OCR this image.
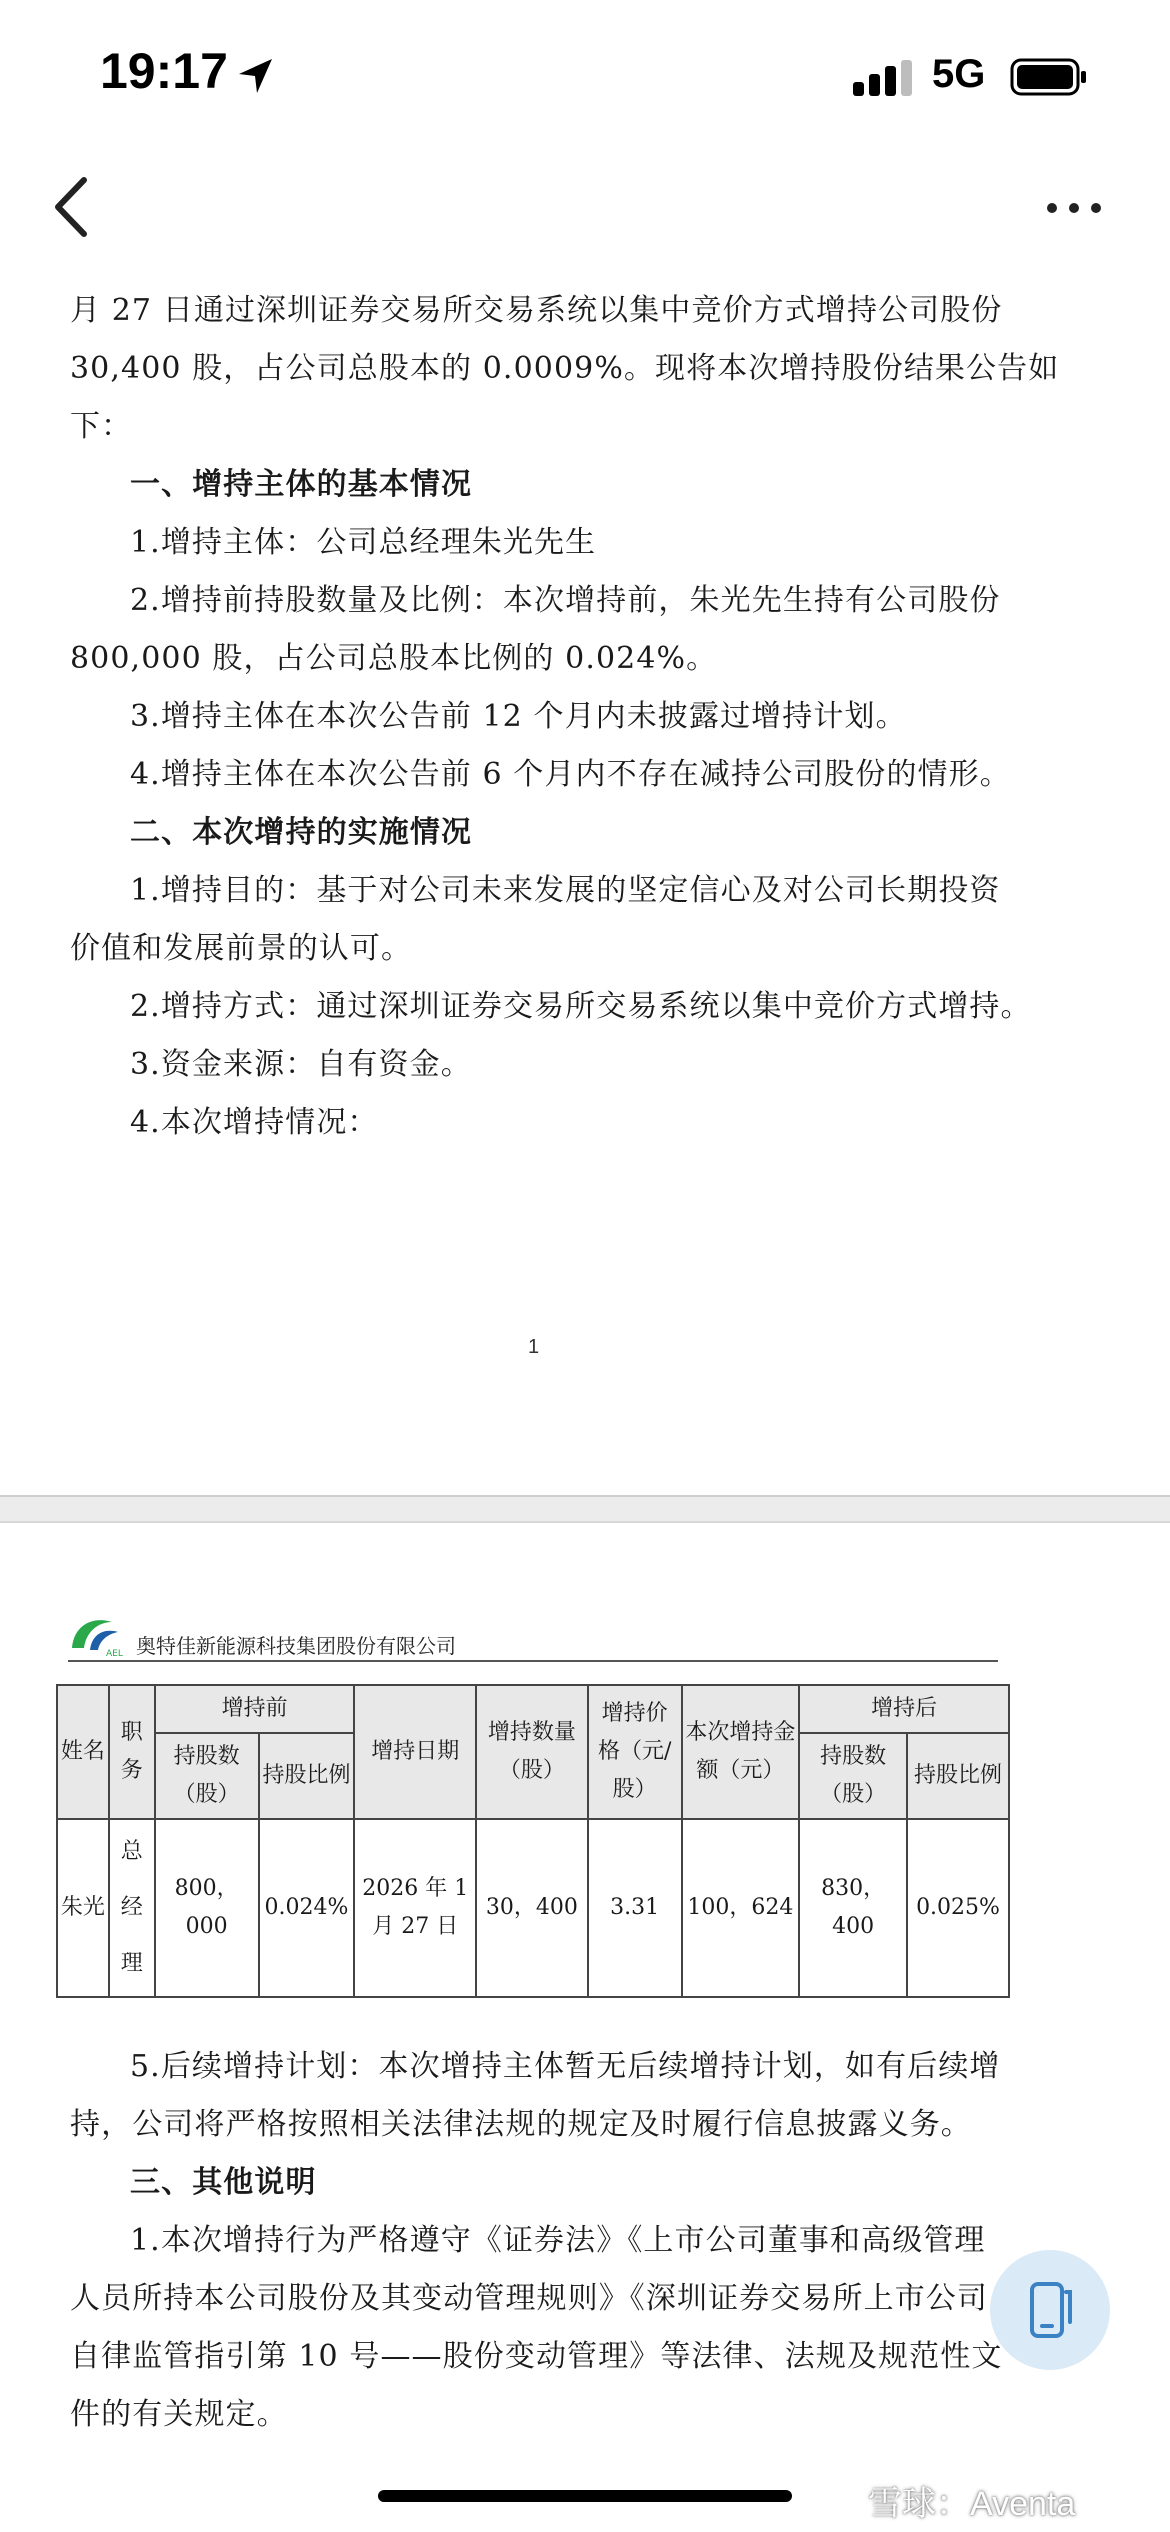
19:17	5G
月 27 日通过深圳证券交易所交易系统以集中竞价方式增持公司股份
30,400 股，占公司总股本的 0.0009%。现将本次增持股份结果公告如
下：
一、增持主体的基本情况
1.增持主体：公司总经理朱光先生
2.增持前持股数量及比例：本次增持前，朱光先生持有公司股份
800,000 股，占公司总股本比例的 0.024%。
3.增持主体在本次公告前 12 个月内未披露过增持计划。
4.增持主体在本次公告前 6 个月内不存在减持公司股份的情形。
二、本次增持的实施情况
1.增持目的：基于对公司未来发展的坚定信心及对公司长期投资
价值和发展前景的认可。
2.增持方式：通过深圳证券交易所交易系统以集中竞价方式增持。
3.资金来源：自有资金。
4.本次增持情况：
1
AEL 奥特佳新能源科技集团股份有限公司
姓名	职务	增持前		增持日期	增持数量（股）	增持价格（元/股）	本次增持金额（元）	增持后	
		持股数（股）	持股比例					持股数（股）	持股比例
朱光	总经理	800，000	0.024%	2026 年 1 月 27 日	30，400	3.31	100，624	830，400	0.025%
5.后续增持计划：本次增持主体暂无后续增持计划，如有后续增
持，公司将严格按照相关法律法规的规定及时履行信息披露义务。
三、其他说明
1.本次增持行为严格遵守《证券法》《上市公司董事和高级管理
人员所持本公司股份及其变动管理规则》《深圳证券交易所上市公司
自律监管指引第 10 号——股份变动管理》等法律、法规及规范性文
件的有关规定。
雪球：Aventa
